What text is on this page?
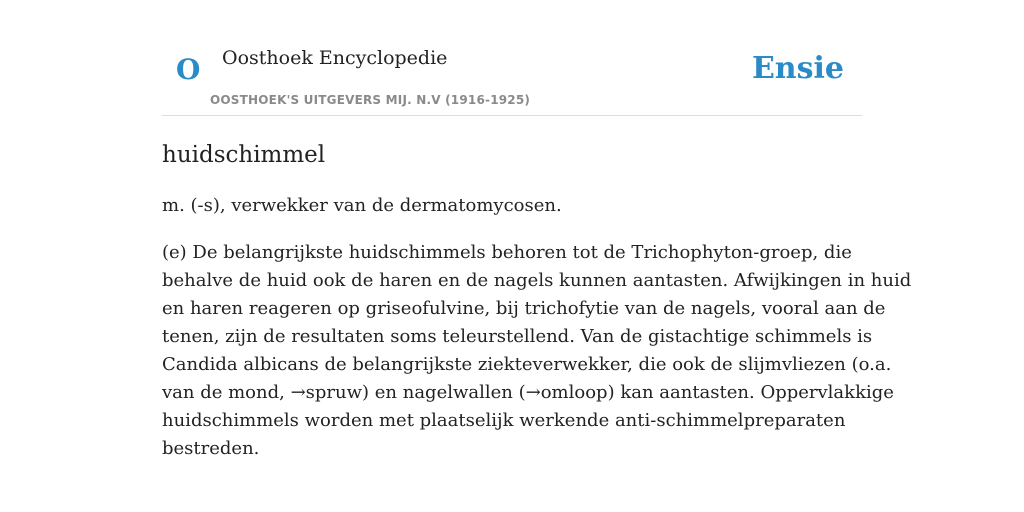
O Oosthoek Encyclopedie
OOSTHOEK'S UITGEVERS MIJ. N.V (1916-1925)
Ensie
huidschimmel

m. (-s), verwekker van de dermatomycosen.

(e) De belangrijkste huidschimmels behoren tot de Trichophyton-groep, die
behalve de huid ook de haren en de nagels kunnen aantasten. Afwijkingen in huid
en haren reageren op griseofulvine, bij trichofytie van de nagels, vooral aan de
tenen, zijn de resultaten soms teleurstellend. Van de gistachtige schimmels is
Candida albicans de belangrijkste ziekteverwekker, die ook de slijmvliezen (o.a.
van de mond, →spruw) en nagelwallen (→omloop) kan aantasten. Oppervlakkige
huidschimmels worden met plaatselijk werkende anti-schimmelpreparaten
bestreden.
